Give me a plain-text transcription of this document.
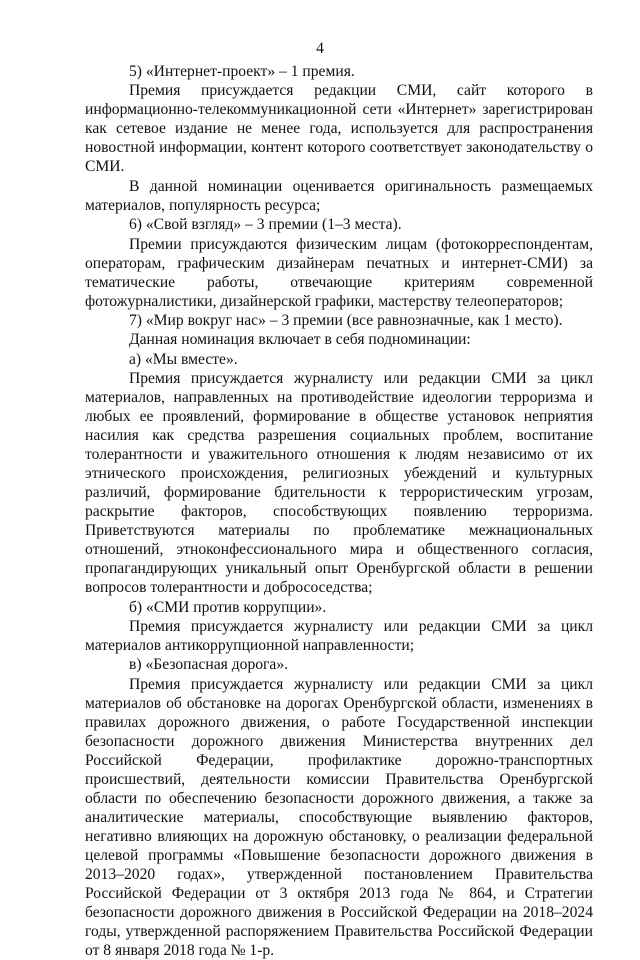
4

5) «Интернет-проект» – 1 премия.

Премия присуждается редакции СМИ, сайт которого в информационно-телекоммуникационной сети «Интернет» зарегистрирован как сетевое издание не менее года, используется для распространения новостной информации, контент которого соответствует законодательству о СМИ.

В данной номинации оценивается оригинальность размещаемых материалов, популярность ресурса;

6) «Свой взгляд» – 3 премии (1–3 места).

Премии присуждаются физическим лицам (фотокорреспондентам, операторам, графическим дизайнерам печатных и интернет-СМИ) за тематические работы, отвечающие критериям современной фотожурналистики, дизайнерской графики, мастерству телеоператоров;

7) «Мир вокруг нас» – 3 премии (все равнозначные, как 1 место).

Данная номинация включает в себя подноминации:

а) «Мы вместе».

Премия присуждается журналисту или редакции СМИ за цикл материалов, направленных на противодействие идеологии терроризма и любых ее проявлений, формирование в обществе установок неприятия насилия как средства разрешения социальных проблем, воспитание толерантности и уважительного отношения к людям независимо от их этнического происхождения, религиозных убеждений и культурных различий, формирование бдительности к террористическим угрозам, раскрытие факторов, способствующих появлению терроризма. Приветствуются материалы по проблематике межнациональных отношений, этноконфессионального мира и общественного согласия, пропагандирующих уникальный опыт Оренбургской области в решении вопросов толерантности и добрососедства;

б) «СМИ против коррупции».

Премия присуждается журналисту или редакции СМИ за цикл материалов антикоррупционной направленности;

в) «Безопасная дорога».

Премия присуждается журналисту или редакции СМИ за цикл материалов об обстановке на дорогах Оренбургской области, изменениях в правилах дорожного движения, о работе Государственной инспекции безопасности дорожного движения Министерства внутренних дел Российской Федерации, профилактике дорожно-транспортных происшествий, деятельности комиссии Правительства Оренбургской области по обеспечению безопасности дорожного движения, а также за аналитические материалы, способствующие выявлению факторов, негативно влияющих на дорожную обстановку, о реализации федеральной целевой программы «Повышение безопасности дорожного движения в 2013–2020 годах», утвержденной постановлением Правительства Российской Федерации от 3 октября 2013 года № 864, и Стратегии безопасности дорожного движения в Российской Федерации на 2018–2024 годы, утвержденной распоряжением Правительства Российской Федерации от 8 января 2018 года № 1-р.
